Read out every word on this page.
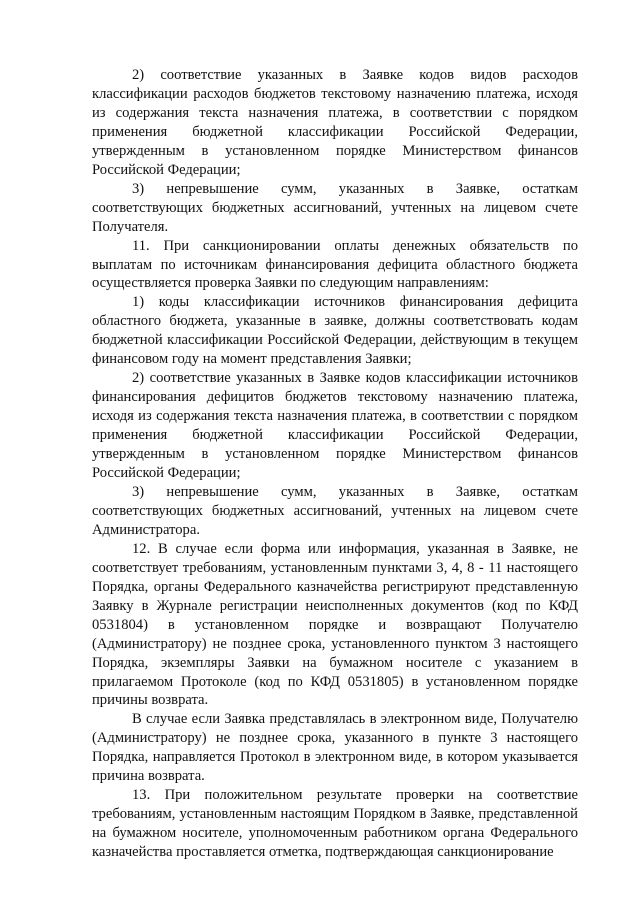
2) соответствие указанных в Заявке кодов видов расходов классификации расходов бюджетов текстовому назначению платежа, исходя из содержания текста назначения платежа, в соответствии с порядком применения бюджетной классификации Российской Федерации, утвержденным в установленном порядке Министерством финансов Российской Федерации;

3) непревышение сумм, указанных в Заявке, остаткам соответствующих бюджетных ассигнований, учтенных на лицевом счете Получателя.

11. При санкционировании оплаты денежных обязательств по выплатам по источникам финансирования дефицита областного бюджета осуществляется проверка Заявки по следующим направлениям:

1) коды классификации источников финансирования дефицита областного бюджета, указанные в заявке, должны соответствовать кодам бюджетной классификации Российской Федерации, действующим в текущем финансовом году на момент представления Заявки;

2) соответствие указанных в Заявке кодов классификации источников финансирования дефицитов бюджетов текстовому назначению платежа, исходя из содержания текста назначения платежа, в соответствии с порядком применения бюджетной классификации Российской Федерации, утвержденным в установленном порядке Министерством финансов Российской Федерации;

3) непревышение сумм, указанных в Заявке, остаткам соответствующих бюджетных ассигнований, учтенных на лицевом счете Администратора.

12. В случае если форма или информация, указанная в Заявке, не соответствует требованиям, установленным пунктами 3, 4, 8 - 11 настоящего Порядка, органы Федерального казначейства регистрируют представленную Заявку в Журнале регистрации неисполненных документов (код по КФД 0531804) в установленном порядке и возвращают Получателю (Администратору) не позднее срока, установленного пунктом 3 настоящего Порядка, экземпляры Заявки на бумажном носителе с указанием в прилагаемом Протоколе (код по КФД 0531805) в установленном порядке причины возврата.

В случае если Заявка представлялась в электронном виде, Получателю (Администратору) не позднее срока, указанного в пункте 3 настоящего Порядка, направляется Протокол в электронном виде, в котором указывается причина возврата.

13. При положительном результате проверки на соответствие требованиям, установленным настоящим Порядком в Заявке, представленной на бумажном носителе, уполномоченным работником органа Федерального казначейства проставляется отметка, подтверждающая санкционирование
